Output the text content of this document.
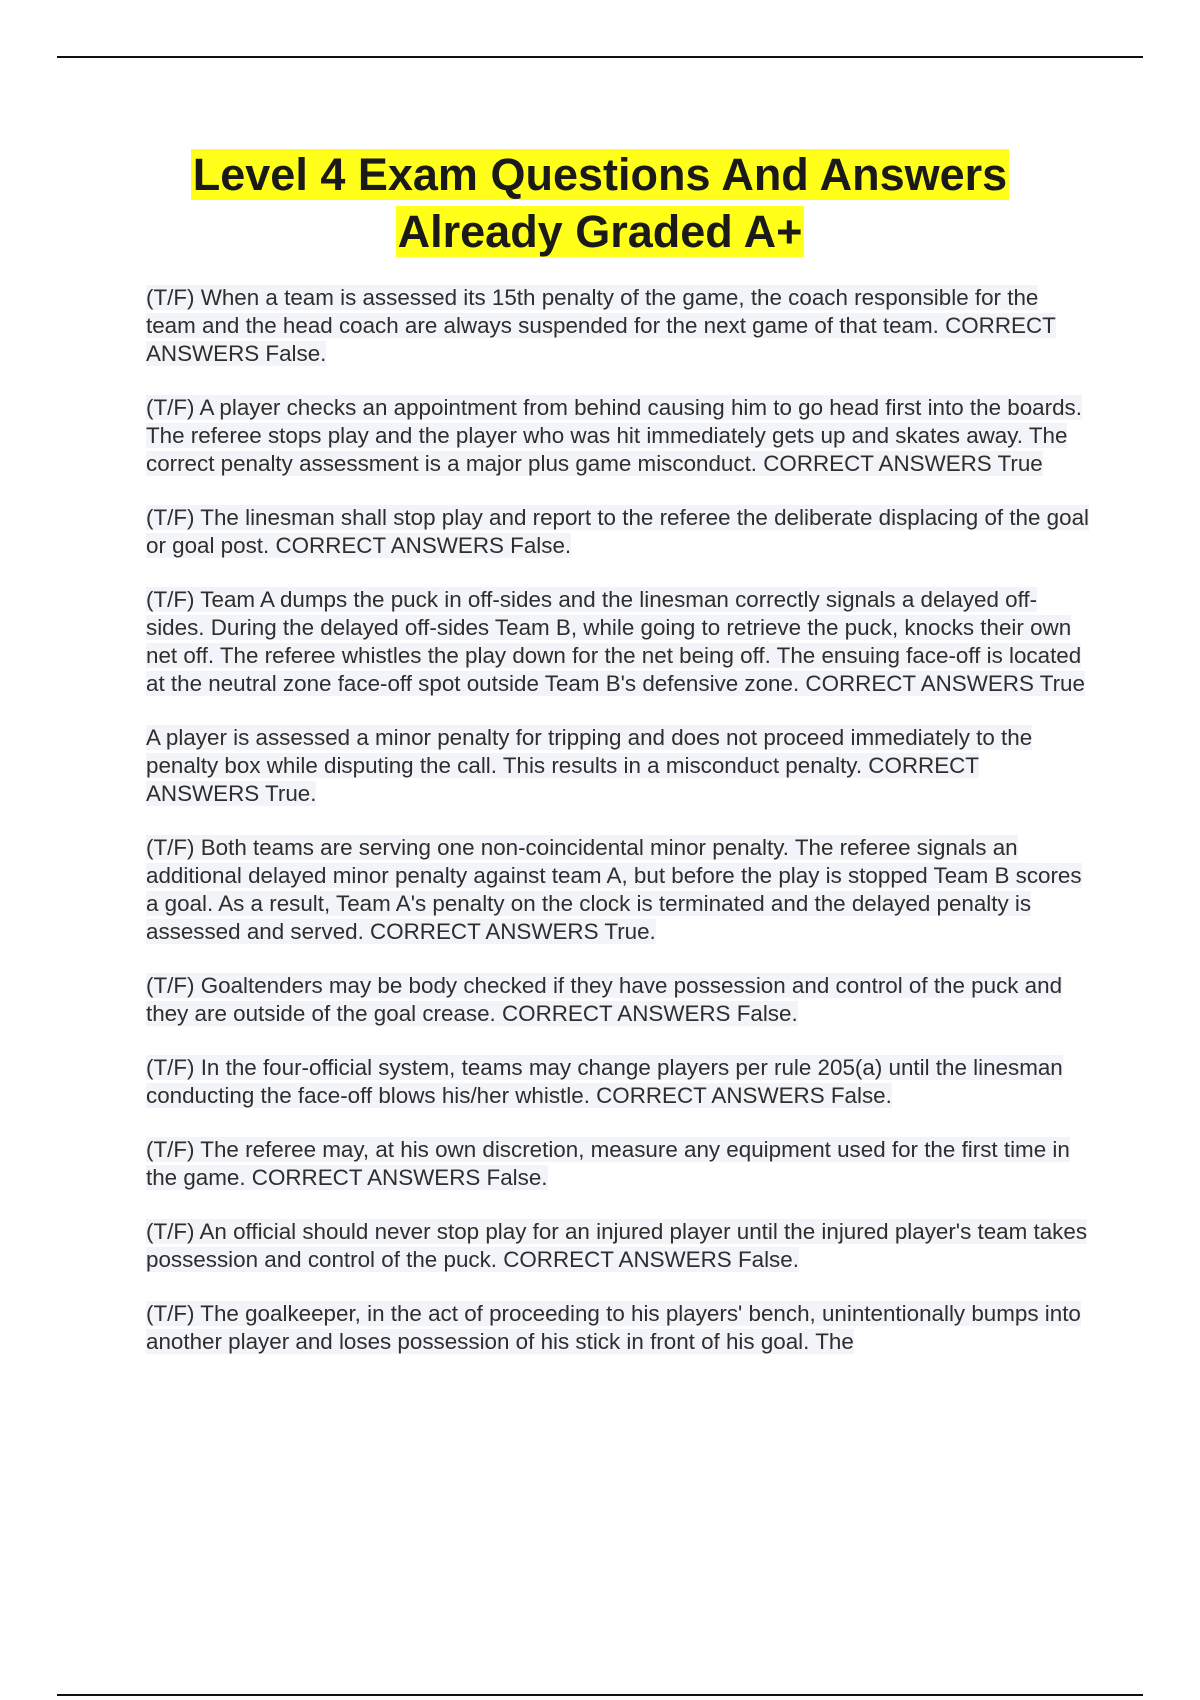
Level 4 Exam Questions And Answers
Already Graded A+

(T/F) When a team is assessed its 15th penalty of the game, the coach responsible for the team and the head coach are always suspended for the next game of that team. CORRECT ANSWERS False.

(T/F) A player checks an appointment from behind causing him to go head first into the boards. The referee stops play and the player who was hit immediately gets up and skates away. The correct penalty assessment is a major plus game misconduct. CORRECT ANSWERS True

(T/F) The linesman shall stop play and report to the referee the deliberate displacing of the goal or goal post. CORRECT ANSWERS False.

(T/F) Team A dumps the puck in off-sides and the linesman correctly signals a delayed off-sides. During the delayed off-sides Team B, while going to retrieve the puck, knocks their own net off. The referee whistles the play down for the net being off. The ensuing face-off is located at the neutral zone face-off spot outside Team B's defensive zone. CORRECT ANSWERS True

A player is assessed a minor penalty for tripping and does not proceed immediately to the penalty box while disputing the call. This results in a misconduct penalty. CORRECT ANSWERS True.

(T/F) Both teams are serving one non-coincidental minor penalty. The referee signals an additional delayed minor penalty against team A, but before the play is stopped Team B scores a goal. As a result, Team A's penalty on the clock is terminated and the delayed penalty is assessed and served. CORRECT ANSWERS True.

(T/F) Goaltenders may be body checked if they have possession and control of the puck and they are outside of the goal crease. CORRECT ANSWERS False.

(T/F) In the four-official system, teams may change players per rule 205(a) until the linesman conducting the face-off blows his/her whistle. CORRECT ANSWERS False.

(T/F) The referee may, at his own discretion, measure any equipment used for the first time in the game. CORRECT ANSWERS False.

(T/F) An official should never stop play for an injured player until the injured player's team takes possession and control of the puck. CORRECT ANSWERS False.

(T/F) The goalkeeper, in the act of proceeding to his players' bench, unintentionally bumps into another player and loses possession of his stick in front of his goal. The
